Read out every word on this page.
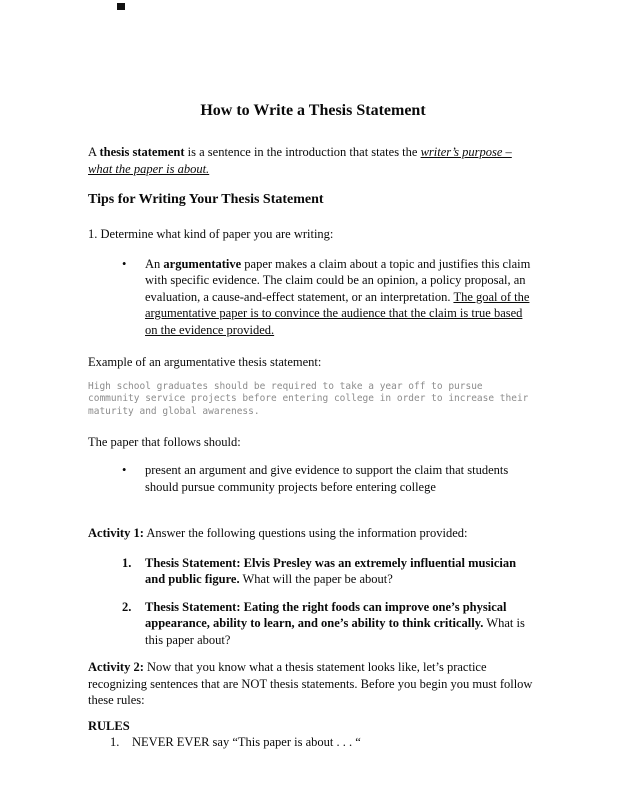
How to Write a Thesis Statement

A thesis statement is a sentence in the introduction that states the writer’s purpose – what the paper is about.

Tips for Writing Your Thesis Statement

1. Determine what kind of paper you are writing:

•	An argumentative paper makes a claim about a topic and justifies this claim with specific evidence. The claim could be an opinion, a policy proposal, an evaluation, a cause-and-effect statement, or an interpretation. The goal of the argumentative paper is to convince the audience that the claim is true based on the evidence provided.

Example of an argumentative thesis statement:

High school graduates should be required to take a year off to pursue community service projects before entering college in order to increase their maturity and global awareness.

The paper that follows should:

•	present an argument and give evidence to support the claim that students should pursue community projects before entering college

Activity 1: Answer the following questions using the information provided:

1.	Thesis Statement: Elvis Presley was an extremely influential musician and public figure. What will the paper be about?

2.	Thesis Statement: Eating the right foods can improve one’s physical appearance, ability to learn, and one’s ability to think critically. What is this paper about?

Activity 2: Now that you know what a thesis statement looks like, let’s practice recognizing sentences that are NOT thesis statements. Before you begin you must follow these rules:

RULES
1.	NEVER EVER say “This paper is about . . . “
